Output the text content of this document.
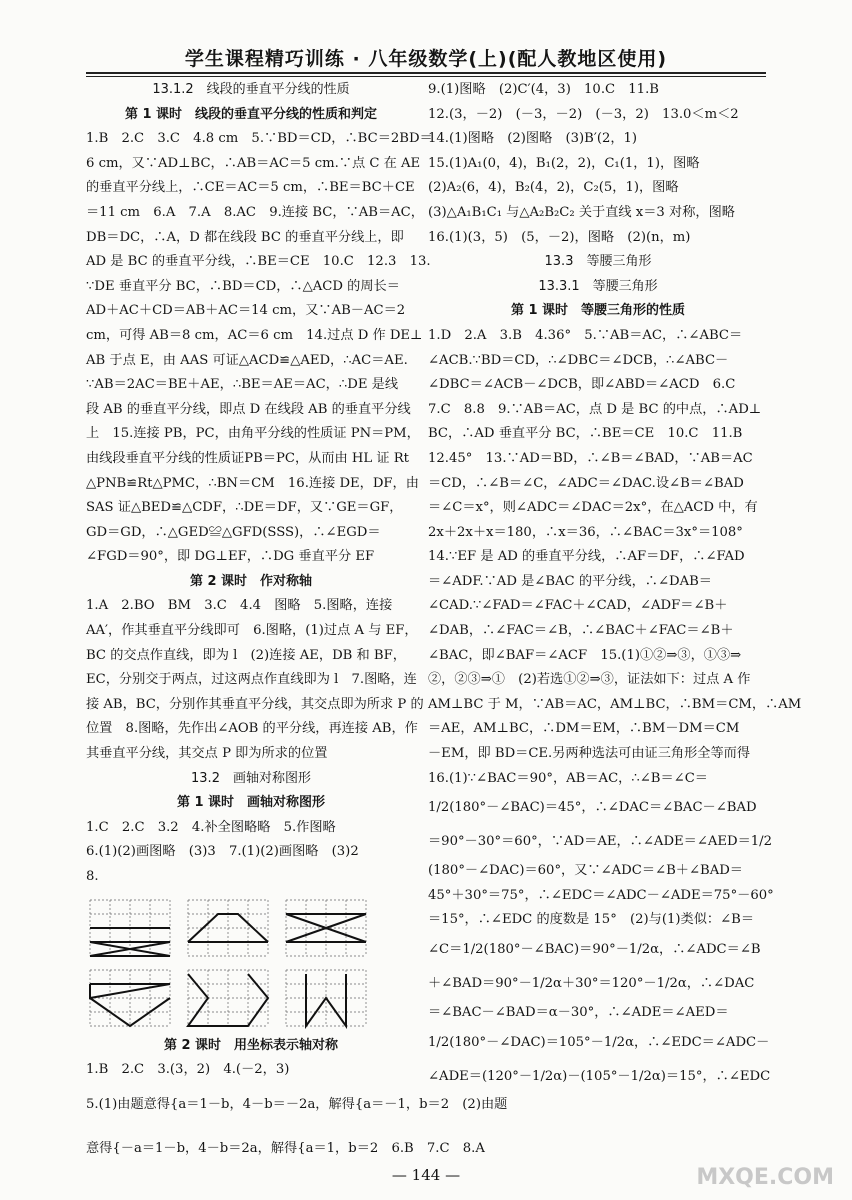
学生课程精巧训练 · 八年级数学(上)(配人教地区使用)

13.1.2　线段的垂直平分线的性质

第 1 课时　线段的垂直平分线的性质和判定

1.B　2.C　3.C　4.8 cm　5.∵BD＝CD，∴BC＝2BD＝

6 cm，又∵AD⊥BC，∴AB＝AC＝5 cm.∵点 C 在 AE

的垂直平分线上，∴CE＝AC＝5 cm，∴BE＝BC＋CE

＝11 cm　6.A　7.A　8.AC　9.连接 BC，∵AB＝AC，

DB＝DC，∴A，D 都在线段 BC 的垂直平分线上，即

AD 是 BC 的垂直平分线，∴BE＝CE　10.C　12.3　13.

∵DE 垂直平分 BC，∴BD＝CD，∴△ACD 的周长＝

AD＋AC＋CD＝AB＋AC＝14 cm，又∵AB－AC＝2

cm，可得 AB＝8 cm，AC＝6 cm　14.过点 D 作 DE⊥

AB 于点 E，由 AAS 可证△ACD≌△AED，∴AC＝AE.

∵AB＝2AC＝BE＋AE，∴BE＝AE＝AC，∴DE 是线

段 AB 的垂直平分线，即点 D 在线段 AB 的垂直平分线

上　15.连接 PB，PC，由角平分线的性质证 PN＝PM，

由线段垂直平分线的性质证PB＝PC，从而由 HL 证 Rt

△PNB≌Rt△PMC，∴BN＝CM　16.连接 DE，DF，由

SAS 证△BED≌△CDF，∴DE＝DF，又∵GE＝GF，

GD＝GD，∴△GED≌△GFD(SSS)，∴∠EGD＝

∠FGD＝90°，即 DG⊥EF，∴DG 垂直平分 EF

第 2 课时　作对称轴

1.A　2.BO　BM　3.C　4.4　图略　5.图略，连接

AA′，作其垂直平分线即可　6.图略，(1)过点 A 与 EF，

BC 的交点作直线，即为 l　(2)连接 AE，DB 和 BF，

EC，分别交于两点，过这两点作直线即为 l　7.图略，连

接 AB，BC，分别作其垂直平分线，其交点即为所求 P 的

位置　8.图略，先作出∠AOB 的平分线，再连接 AB，作

其垂直平分线，其交点 P 即为所求的位置

13.2　画轴对称图形

第 1 课时　画轴对称图形

1.C　2.C　3.2　4.补全图略略　5.作图略

6.(1)(2)画图略　(3)3　7.(1)(2)画图略　(3)2

8.

第 2 课时　用坐标表示轴对称

1.B　2.C　3.(3，2)　4.(－2，3)

5.(1)由题意得{a＝1－b，4－b＝－2a，解得{a＝－1，b＝2　(2)由题

意得{－a＝1－b，4－b＝2a，解得{a＝1，b＝2　6.B　7.C　8.A

9.(1)图略　(2)C′(4，3)　10.C　11.B

12.(3，－2)　(－3，－2)　(－3，2)　13.0＜m＜2

14.(1)图略　(2)图略　(3)B′(2，1)

15.(1)A₁(0，4)，B₁(2，2)，C₁(1，1)，图略

(2)A₂(6，4)，B₂(4，2)，C₂(5，1)，图略

(3)△A₁B₁C₁ 与△A₂B₂C₂ 关于直线 x＝3 对称，图略

16.(1)(3，5)　(5，－2)，图略　(2)(n，m)

13.3　等腰三角形

13.3.1　等腰三角形

第 1 课时　等腰三角形的性质

1.D　2.A　3.B　4.36°　5.∵AB＝AC，∴∠ABC＝

∠ACB.∵BD＝CD，∴∠DBC＝∠DCB，∴∠ABC－

∠DBC＝∠ACB－∠DCB，即∠ABD＝∠ACD　6.C

7.C　8.8　9.∵AB＝AC，点 D 是 BC 的中点，∴AD⊥

BC，∴AD 垂直平分 BC，∴BE＝CE　10.C　11.B

12.45°　13.∵AD＝BD，∴∠B＝∠BAD，∵AB＝AC

＝CD，∴∠B＝∠C，∠ADC＝∠DAC.设∠B＝∠BAD

＝∠C＝x°，则∠ADC＝∠DAC＝2x°，在△ACD 中，有

2x＋2x＋x＝180，∴x＝36，∴∠BAC＝3x°＝108°

14.∵EF 是 AD 的垂直平分线，∴AF＝DF，∴∠FAD

＝∠ADF.∵AD 是∠BAC 的平分线，∴∠DAB＝

∠CAD.∵∠FAD＝∠FAC＋∠CAD，∠ADF＝∠B＋

∠DAB，∴∠FAC＝∠B，∴∠BAC＋∠FAC＝∠B＋

∠BAC，即∠BAF＝∠ACF　15.(1)①②⇒③，①③⇒

②，②③⇒①　(2)若选①②⇒③，证法如下：过点 A 作

AM⊥BC 于 M，∵AB＝AC，AM⊥BC，∴BM＝CM，∴AM

＝AE，AM⊥BC，∴DM＝EM，∴BM－DM＝CM

－EM，即 BD＝CE.另两种选法可由证三角形全等而得

16.(1)∵∠BAC＝90°，AB＝AC，∴∠B＝∠C＝

1/2(180°－∠BAC)＝45°，∴∠DAC＝∠BAC－∠BAD

＝90°－30°＝60°，∵AD＝AE，∴∠ADE＝∠AED＝1/2

(180°－∠DAC)＝60°，又∵∠ADC＝∠B＋∠BAD＝

45°＋30°＝75°，∴∠EDC＝∠ADC－∠ADE＝75°－60°

＝15°，∴∠EDC 的度数是 15°　(2)与(1)类似：∠B＝

∠C＝1/2(180°－∠BAC)＝90°－1/2α，∴∠ADC＝∠B

＋∠BAD＝90°－1/2α＋30°＝120°－1/2α，∴∠DAC

＝∠BAC－∠BAD＝α－30°，∴∠ADE＝∠AED＝

1/2(180°－∠DAC)＝105°－1/2α，∴∠EDC＝∠ADC－

∠ADE＝(120°－1/2α)－(105°－1/2α)＝15°，∴∠EDC

— 144 —	MXQE.COM
